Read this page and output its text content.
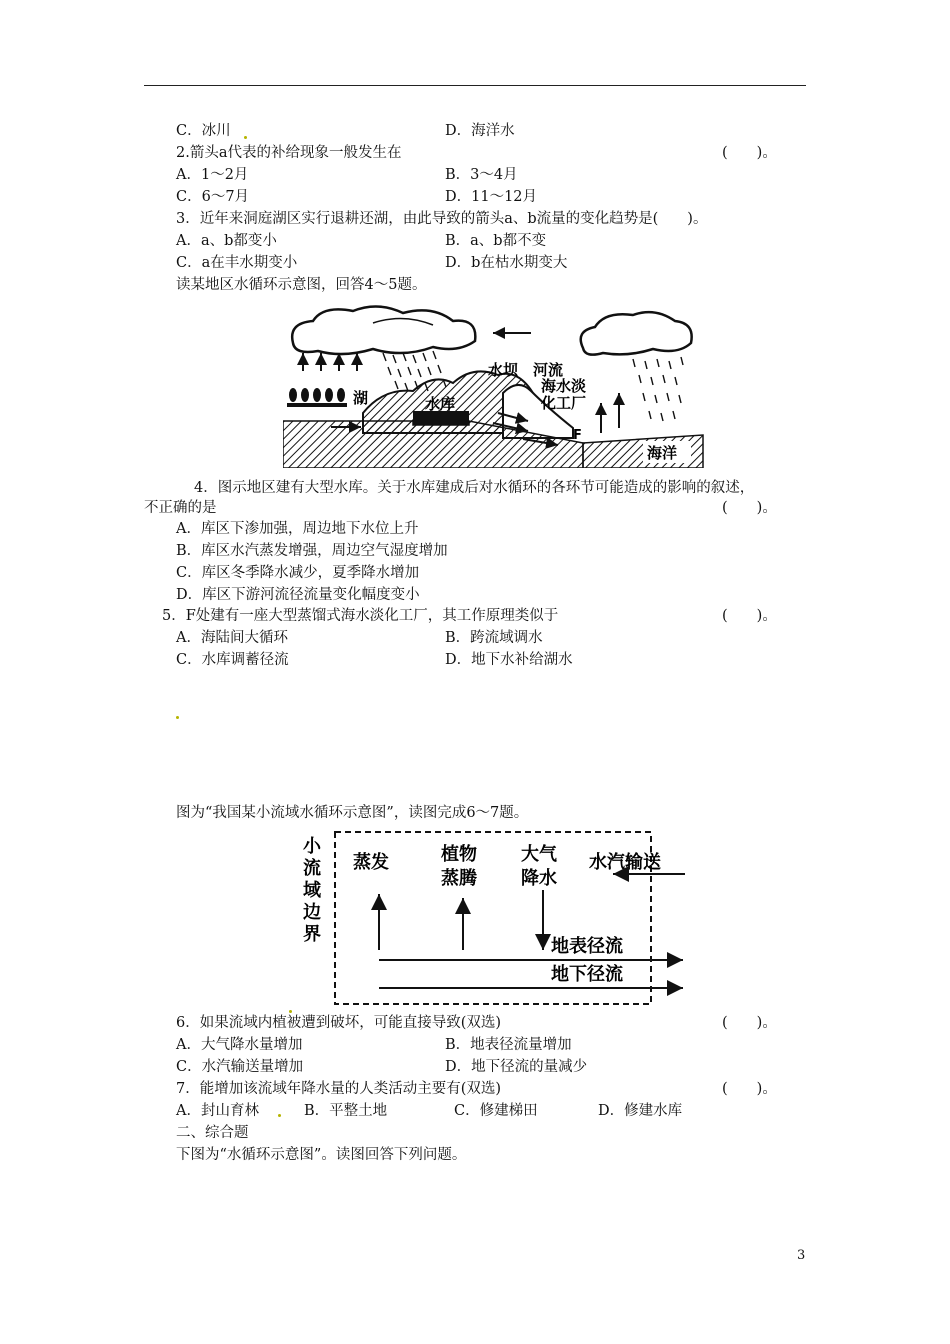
C．冰川	D．海洋水
2.箭头a代表的补给现象一般发生在	(　　)。
A．1～2月	B．3～4月
C．6～7月	D．11～12月
3．近年来洞庭湖区实行退耕还湖，由此导致的箭头a、b流量的变化趋势是(　　)。
A．a、b都变小	B．a、b都不变
C．a在丰水期变小	D．b在枯水期变大
读某地区水循环示意图，回答4～5题。
湖	水库
水坝 河流
海水淡
化工厂
F
海洋
4．图示地区建有大型水库。关于水库建成后对水循环的各环节可能造成的影响的叙述，
不正确的是	(　　)。
A．库区下渗加强，周边地下水位上升
B．库区水汽蒸发增强，周边空气湿度增加
C．库区冬季降水减少，夏季降水增加
D．库区下游河流径流量变化幅度变小
5．F处建有一座大型蒸馏式海水淡化工厂，其工作原理类似于	(　　)。
A．海陆间大循环	B．跨流域调水
C．水库调蓄径流	D．地下水补给湖水
图为“我国某小流域水循环示意图”，读图完成6～7题。
小
流
域
边
界
蒸发	植物
蒸腾
大气
降水
水汽输送
地表径流
地下径流
6．如果流域内植被遭到破坏，可能直接导致(双选)	(　　)。
A．大气降水量增加	B．地表径流量增加
C．水汽输送量增加	D．地下径流的量减少
7．能增加该流域年降水量的人类活动主要有(双选)	(　　)。
A．封山育林	B．平整土地	C．修建梯田	D．修建水库
二、综合题
下图为“水循环示意图”。读图回答下列问题。
3
